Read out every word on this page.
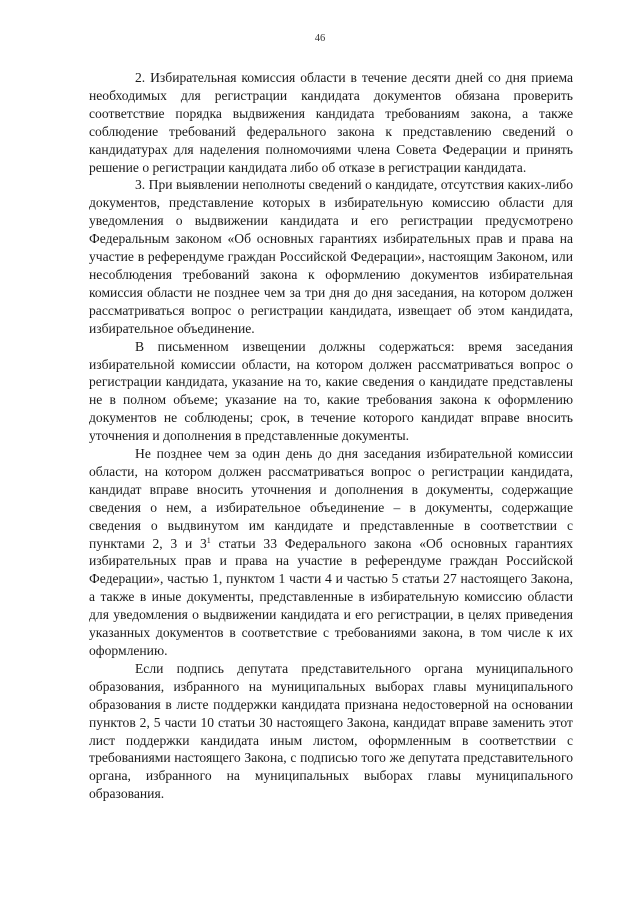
46

2. Избирательная комиссия области в течение десяти дней со дня приема необходимых для регистрации кандидата документов обязана проверить соответствие порядка выдвижения кандидата требованиям закона, а также соблюдение требований федерального закона к представлению сведений о кандидатурах для наделения полномочиями члена Совета Федерации и принять решение о регистрации кандидата либо об отказе в регистрации кандидата.

3. При выявлении неполноты сведений о кандидате, отсутствия каких-либо документов, представление которых в избирательную комиссию области для уведомления о выдвижении кандидата и его регистрации предусмотрено Федеральным законом «Об основных гарантиях избирательных прав и права на участие в референдуме граждан Российской Федерации», настоящим Законом, или несоблюдения требований закона к оформлению документов избирательная комиссия области не позднее чем за три дня до дня заседания, на котором должен рассматриваться вопрос о регистрации кандидата, извещает об этом кандидата, избирательное объединение.

В письменном извещении должны содержаться: время заседания избирательной комиссии области, на котором должен рассматриваться вопрос о регистрации кандидата, указание на то, какие сведения о кандидате представлены не в полном объеме; указание на то, какие требования закона к оформлению документов не соблюдены; срок, в течение которого кандидат вправе вносить уточнения и дополнения в представленные документы.

Не позднее чем за один день до дня заседания избирательной комиссии области, на котором должен рассматриваться вопрос о регистрации кандидата, кандидат вправе вносить уточнения и дополнения в документы, содержащие сведения о нем, а избирательное объединение – в документы, содержащие сведения о выдвинутом им кандидате и представленные в соответствии с пунктами 2, 3 и $3^1$ статьи 33 Федерального закона «Об основных гарантиях избирательных прав и права на участие в референдуме граждан Российской Федерации», частью 1, пунктом 1 части 4 и частью 5 статьи 27 настоящего Закона, а также в иные документы, представленные в избирательную комиссию области для уведомления о выдвижении кандидата и его регистрации, в целях приведения указанных документов в соответствие с требованиями закона, в том числе к их оформлению.

Если подпись депутата представительного органа муниципального образования, избранного на муниципальных выборах главы муниципального образования в листе поддержки кандидата признана недостоверной на основании пунктов 2, 5 части 10 статьи 30 настоящего Закона, кандидат вправе заменить этот лист поддержки кандидата иным листом, оформленным в соответствии с требованиями настоящего Закона, с подписью того же депутата представительного органа, избранного на муниципальных выборах главы муниципального образования.
